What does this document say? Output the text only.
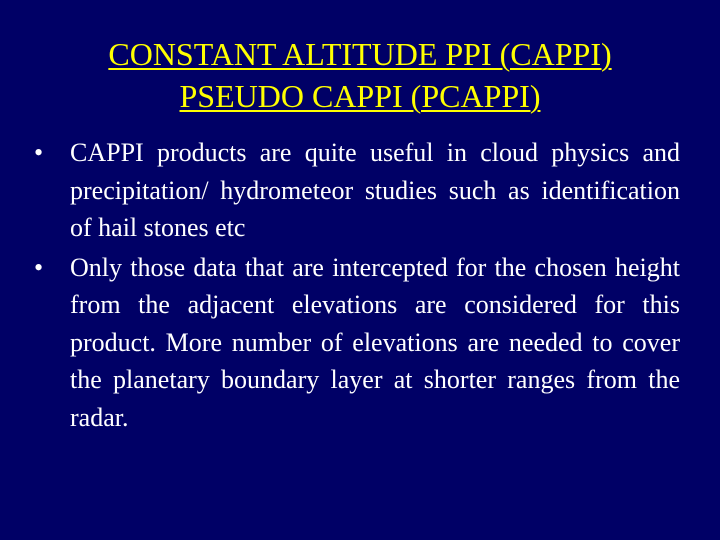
CONSTANT ALTITUDE PPI (CAPPI)
PSEUDO CAPPI (PCAPPI)
• CAPPI products are quite useful in cloud physics and precipitation/ hydrometeor studies such as identification of hail stones etc
• Only those data that are intercepted for the chosen height from the adjacent elevations are considered for this product. More number of elevations are needed to cover the planetary boundary layer at shorter ranges from the radar.
